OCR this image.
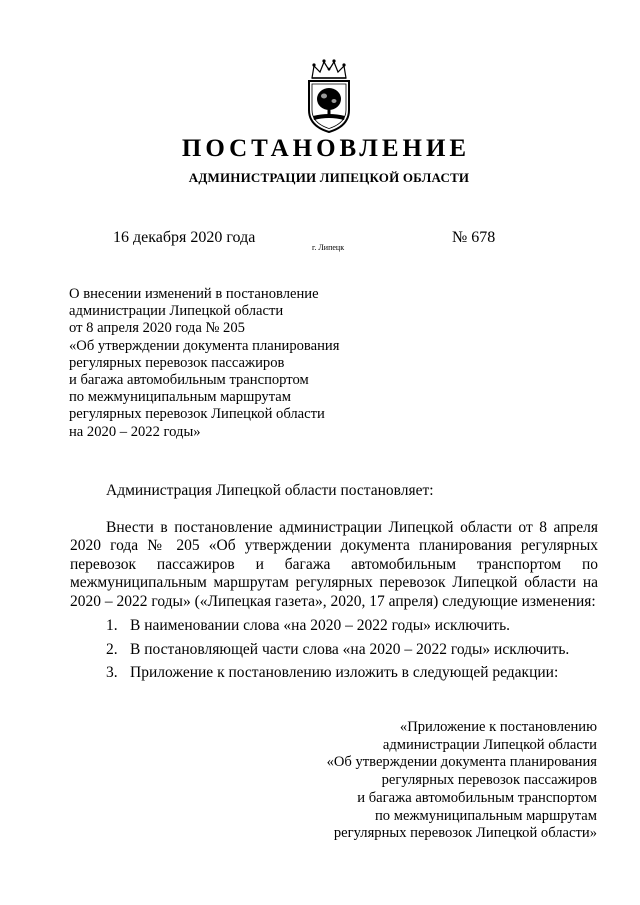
ПОСТАНОВЛЕНИЕ
АДМИНИСТРАЦИИ ЛИПЕЦКОЙ ОБЛАСТИ
16 декабря 2020 года
г. Липецк
№ 678
О внесении изменений в постановление
администрации Липецкой области
от 8 апреля 2020 года № 205
«Об утверждении документа планирования
регулярных перевозок пассажиров
и багажа автомобильным транспортом
по межмуниципальным маршрутам
регулярных перевозок Липецкой области
на 2020 – 2022 годы»
Администрация Липецкой области постановляет:
Внести в постановление администрации Липецкой области от 8 апреля 2020 года № 205 «Об утверждении документа планирования регулярных перевозок пассажиров и багажа автомобильным транспортом по межмуниципальным маршрутам регулярных перевозок Липецкой области на 2020 – 2022 годы» («Липецкая газета», 2020, 17 апреля) следующие изменения:
1. В наименовании слова «на 2020 – 2022 годы» исключить.
2. В постановляющей части слова «на 2020 – 2022 годы» исключить.
3. Приложение к постановлению изложить в следующей редакции:
«Приложение к постановлению
администрации Липецкой области
«Об утверждении документа планирования
регулярных перевозок пассажиров
и багажа автомобильным транспортом
по межмуниципальным маршрутам
регулярных перевозок Липецкой области»
